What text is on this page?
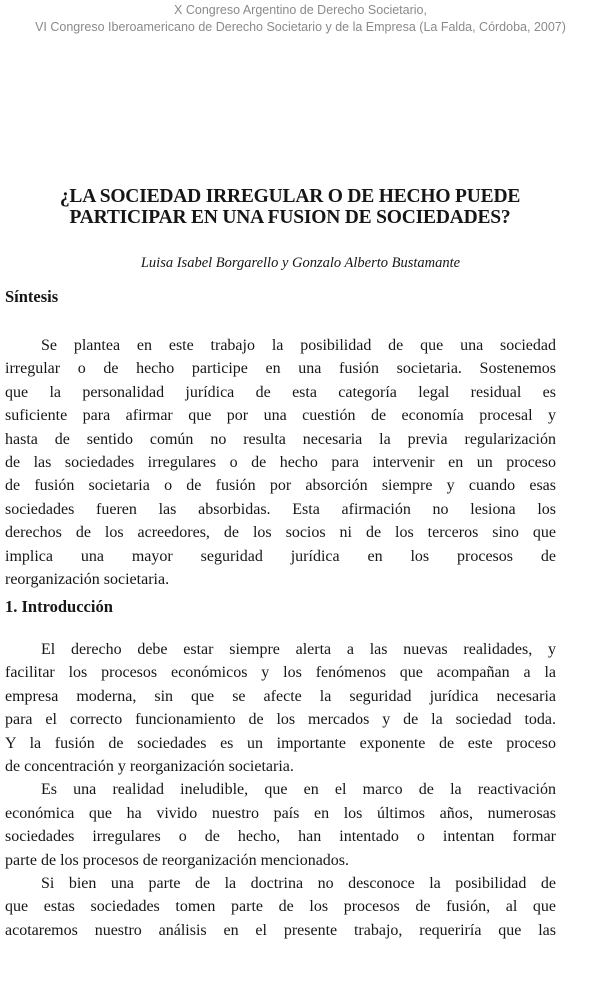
X Congreso Argentino de Derecho Societario,
VI Congreso Iberoamericano de Derecho Societario y de la Empresa (La Falda, Córdoba, 2007)
¿LA SOCIEDAD IRREGULAR O DE HECHO PUEDE
PARTICIPAR EN UNA FUSION DE SOCIEDADES?
Luisa Isabel Borgarello y Gonzalo Alberto Bustamante
Síntesis
Se plantea en este trabajo la posibilidad de que una sociedad
irregular o de hecho participe en una fusión societaria. Sostenemos
que la personalidad jurídica de esta categoría legal residual es
suficiente para afirmar que por una cuestión de economía procesal y
hasta de sentido común no resulta necesaria la previa regularización
de las sociedades irregulares o de hecho para intervenir en un proceso
de fusión societaria o de fusión por absorción siempre y cuando esas
sociedades fueren las absorbidas. Esta afirmación no lesiona los
derechos de los acreedores, de los socios ni de los terceros sino que
implica una mayor seguridad jurídica en los procesos de
reorganización societaria.
1. Introducción
El derecho debe estar siempre alerta a las nuevas realidades, y
facilitar los procesos económicos y los fenómenos que acompañan a la
empresa moderna, sin que se afecte la seguridad jurídica necesaria
para el correcto funcionamiento de los mercados y de la sociedad toda.
Y la fusión de sociedades es un importante exponente de este proceso
de concentración y reorganización societaria.
Es una realidad ineludible, que en el marco de la reactivación
económica que ha vivido nuestro país en los últimos años, numerosas
sociedades irregulares o de hecho, han intentado o intentan formar
parte de los procesos de reorganización mencionados.
Si bien una parte de la doctrina no desconoce la posibilidad de
que estas sociedades tomen parte de los procesos de fusión, al que
acotaremos nuestro análisis en el presente trabajo, requeriría que las
